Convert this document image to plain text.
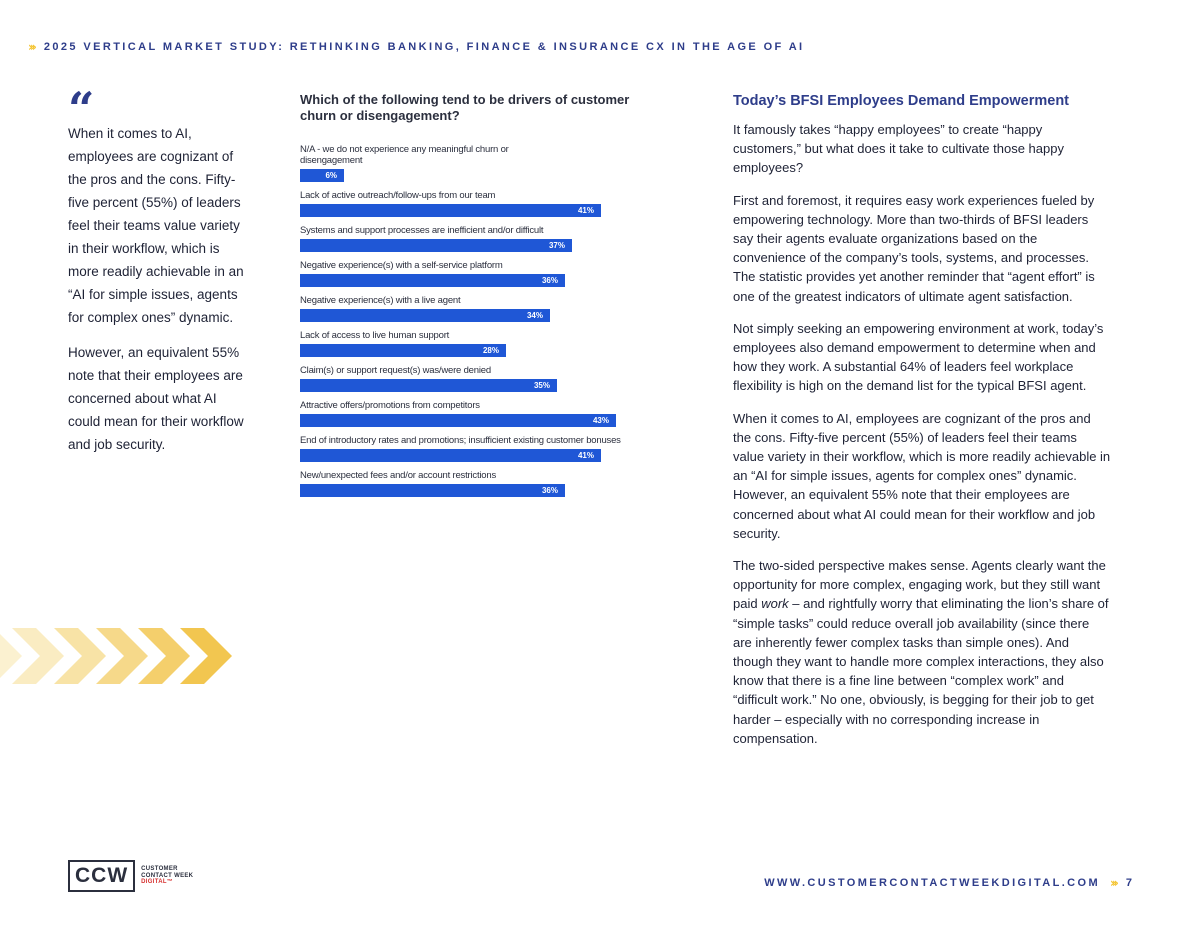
››› 2025 VERTICAL MARKET STUDY: RETHINKING BANKING, FINANCE & INSURANCE CX IN THE AGE OF AI
“

When it comes to AI, employees are cognizant of the pros and the cons. Fifty-five percent (55%) of leaders feel their teams value variety in their workflow, which is more readily achievable in an “AI for simple issues, agents for complex ones” dynamic.

However, an equivalent 55% note that their employees are concerned about what AI could mean for their workflow and job security.

Which of the following tend to be drivers of customer churn or disengagement?
N/A - we do not experience any meaningful churn or disengagement
6%
Lack of active outreach/follow-ups from our team
41%
Systems and support processes are inefficient and/or difficult
37%
Negative experience(s) with a self-service platform
36%
Negative experience(s) with a live agent
34%
Lack of access to live human support
28%
Claim(s) or support request(s) was/were denied
35%
Attractive offers/promotions from competitors
43%
End of introductory rates and promotions; insufficient existing customer bonuses
41%
New/unexpected fees and/or account restrictions
36%
Today’s BFSI Employees Demand Empowerment

It famously takes “happy employees” to create “happy customers,” but what does it take to cultivate those happy employees?

First and foremost, it requires easy work experiences fueled by empowering technology. More than two-thirds of BFSI leaders say their agents evaluate organizations based on the convenience of the company’s tools, systems, and processes. The statistic provides yet another reminder that “agent effort” is one of the greatest indicators of ultimate agent satisfaction.

Not simply seeking an empowering environment at work, today’s employees also demand empowerment to determine when and how they work. A substantial 64% of leaders feel workplace flexibility is high on the demand list for the typical BFSI agent.

When it comes to AI, employees are cognizant of the pros and the cons. Fifty-five percent (55%) of leaders feel their teams value variety in their workflow, which is more readily achievable in an “AI for simple issues, agents for complex ones” dynamic. However, an equivalent 55% note that their employees are concerned about what AI could mean for their workflow and job security.

The two-sided perspective makes sense. Agents clearly want the opportunity for more complex, engaging work, but they still want paid work – and rightfully worry that eliminating the lion’s share of “simple tasks” could reduce overall job availability (since there are inherently fewer complex tasks than simple ones). And though they want to handle more complex interactions, they also know that there is a fine line between “complex work” and “difficult work.” No one, obviously, is begging for their job to get harder – especially with no corresponding increase in compensation.

CCW	CUSTOMER
CONTACT WEEK
DIGITAL™	WWW.CUSTOMERCONTACTWEEKDIGITAL.COM ››› 7
